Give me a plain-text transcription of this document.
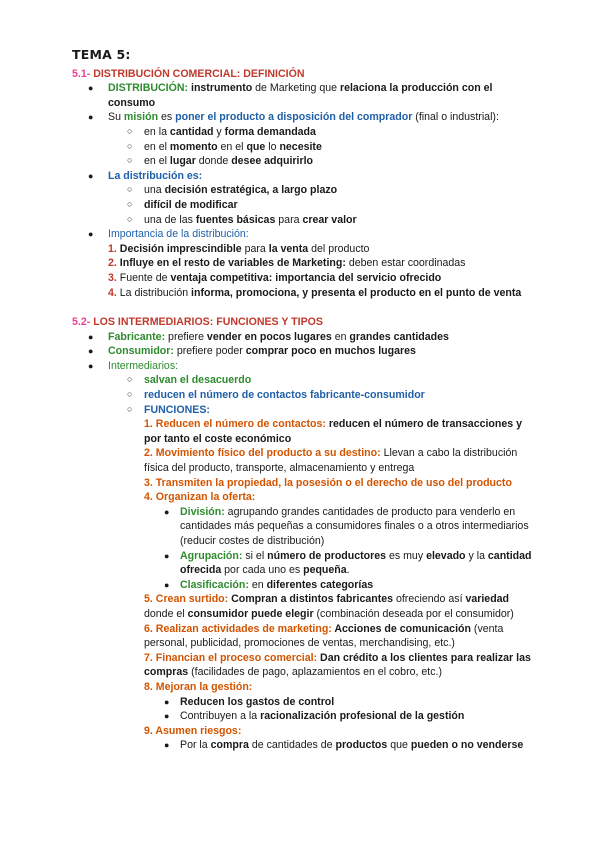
TEMA 5:
5.1- DISTRIBUCIÓN COMERCIAL: DEFINICIÓN
● DISTRIBUCIÓN: instrumento de Marketing que relaciona la producción con el consumo
● Su misión es poner el producto a disposición del comprador (final o industrial):
○ en la cantidad y forma demandada
○ en el momento en el que lo necesite
○ en el lugar donde desee adquirirlo
● La distribución es:
○ una decisión estratégica, a largo plazo
○ difícil de modificar
○ una de las fuentes básicas para crear valor
● Importancia de la distribución:
1. Decisión imprescindible para la venta del producto
2. Influye en el resto de variables de Marketing: deben estar coordinadas
3. Fuente de ventaja competitiva: importancia del servicio ofrecido
4. La distribución informa, promociona, y presenta el producto en el punto de venta
5.2- LOS INTERMEDIARIOS: FUNCIONES Y TIPOS
● Fabricante: prefiere vender en pocos lugares en grandes cantidades
● Consumidor: prefiere poder comprar poco en muchos lugares
● Intermediarios:
○ salvan el desacuerdo
○ reducen el número de contactos fabricante-consumidor
○ FUNCIONES:
1. Reducen el número de contactos: reducen el número de transacciones y por tanto el coste económico
2. Movimiento físico del producto a su destino: Llevan a cabo la distribución física del producto, transporte, almacenamiento y entrega
3. Transmiten la propiedad, la posesión o el derecho de uso del producto
4. Organizan la oferta:
● División: agrupando grandes cantidades de producto para venderlo en cantidades más pequeñas a consumidores finales o a otros intermediarios (reducir costes de distribución)
● Agrupación: si el número de productores es muy elevado y la cantidad ofrecida por cada uno es pequeña.
● Clasificación: en diferentes categorías
5. Crean surtido: Compran a distintos fabricantes ofreciendo así variedad donde el consumidor puede elegir (combinación deseada por el consumidor)
6. Realizan actividades de marketing: Acciones de comunicación (venta personal, publicidad, promociones de ventas, merchandising, etc.)
7. Financian el proceso comercial: Dan crédito a los clientes para realizar las compras (facilidades de pago, aplazamientos en el cobro, etc.)
8. Mejoran la gestión:
● Reducen los gastos de control
● Contribuyen a la racionalización profesional de la gestión
9. Asumen riesgos:
● Por la compra de cantidades de productos que pueden o no venderse
